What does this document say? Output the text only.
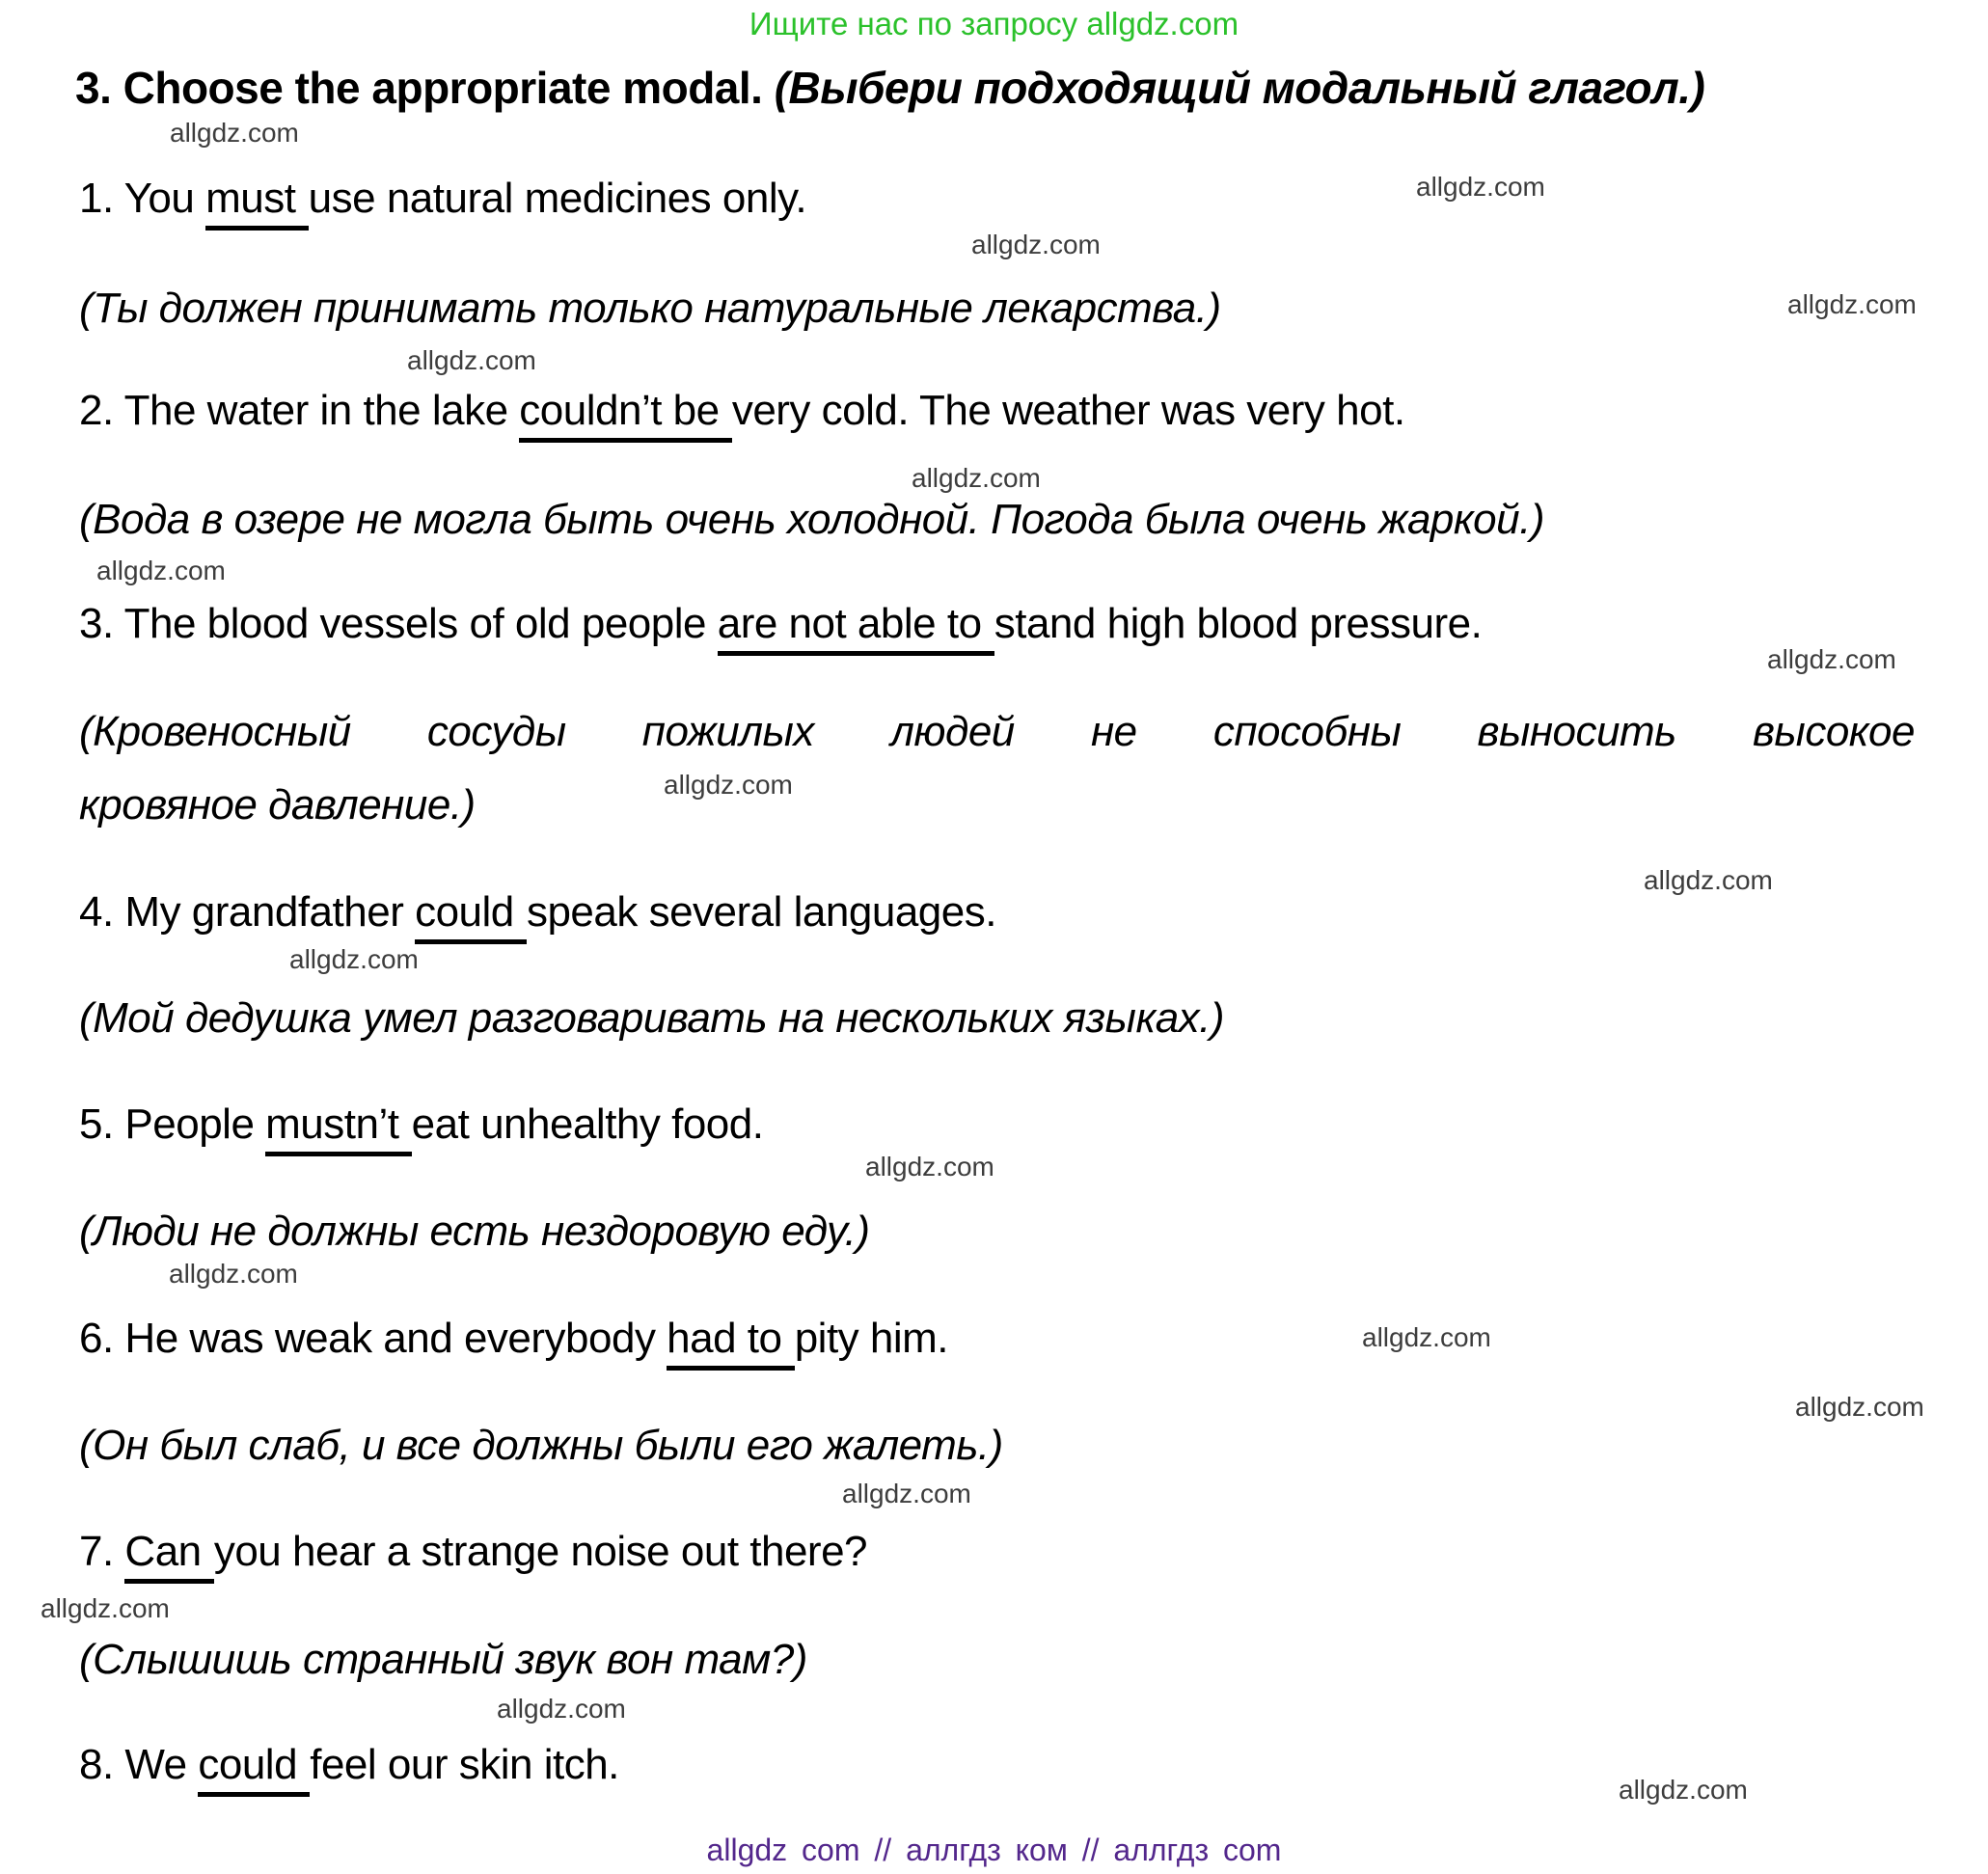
Ищите нас по запросу allgdz.com
3. Choose the appropriate modal. (Выбери подходящий модальный глагол.)
1. You must use natural medicines only.
(Ты должен принимать только натуральные лекарства.)
2. The water in the lake couldn’t be very cold. The weather was very hot.
(Вода в озере не могла быть очень холодной. Погода была очень жаркой.)
3. The blood vessels of old people are not able to stand high blood pressure.
(Кровеносный сосуды пожилых людей не способны выносить высокое
кровяное давление.)
4. My grandfather could speak several languages.
(Мой дедушка умел разговаривать на нескольких языках.)
5. People mustn’t eat unhealthy food.
(Люди не должны есть нездоровую еду.)
6. He was weak and everybody had to pity him.
(Он был слаб, и все должны были его жалеть.)
7. Can you hear a strange noise out there?
(Слышишь странный звук вон там?)
8. We could feel our skin itch.
allgdz.com
allgdz.com
allgdz.com
allgdz.com
allgdz.com
allgdz.com
allgdz.com
allgdz.com
allgdz.com
allgdz.com
allgdz.com
allgdz.com
allgdz.com
allgdz.com
allgdz.com
allgdz.com
allgdz.com
allgdz.com
allgdz.com
allgdz com // аллгдз ком // аллгдз com
